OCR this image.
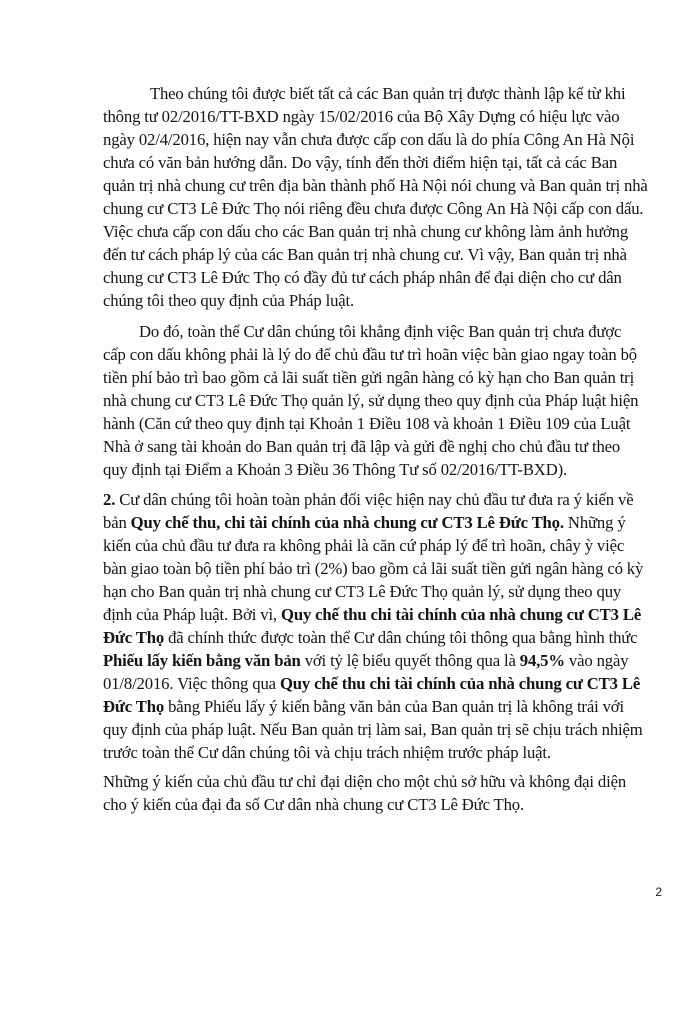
Theo chúng tôi được biết tất cả các Ban quản trị được thành lập kể từ khi
thông tư 02/2016/TT-BXD ngày 15/02/2016 của Bộ Xây Dựng có hiệu lực vào
ngày 02/4/2016, hiện nay vẫn chưa được cấp con dấu là do phía Công An Hà Nội
chưa có văn bản hướng dẫn. Do vậy, tính đến thời điểm hiện tại, tất cả các Ban
quản trị nhà chung cư trên địa bàn thành phố Hà Nội nói chung và Ban quản trị nhà
chung cư CT3 Lê Đức Thọ nói riêng đều chưa được Công An Hà Nội cấp con dấu.
Việc chưa cấp con dấu cho các Ban quản trị nhà chung cư không làm ảnh hưởng
đến tư cách pháp lý của các Ban quản trị nhà chung cư. Vì vậy, Ban quản trị nhà
chung cư CT3 Lê Đức Thọ có đầy đủ tư cách pháp nhân để đại diện cho cư dân
chúng tôi theo quy định của Pháp luật.
Do đó, toàn thể Cư dân chúng tôi khẳng định việc Ban quản trị chưa được
cấp con dấu không phải là lý do để chủ đầu tư trì hoãn việc bàn giao ngay toàn bộ
tiền phí bảo trì bao gồm cả lãi suất tiền gửi ngân hàng có kỳ hạn cho Ban quản trị
nhà chung cư CT3 Lê Đức Thọ quản lý, sử dụng theo quy định của Pháp luật hiện
hành (Căn cứ theo quy định tại Khoản 1 Điều 108 và khoản 1 Điều 109 của Luật
Nhà ở sang tài khoản do Ban quản trị đã lập và gửi đề nghị cho chủ đầu tư theo
quy định tại Điểm a Khoản 3 Điều 36 Thông Tư số 02/2016/TT-BXD).
2. Cư dân chúng tôi hoàn toàn phản đối việc hiện nay chủ đầu tư đưa ra ý kiến về
bản Quy chế thu, chi tài chính của nhà chung cư CT3 Lê Đức Thọ. Những ý
kiến của chủ đầu tư đưa ra không phải là căn cứ pháp lý để trì hoãn, chây ỳ việc
bàn giao toàn bộ tiền phí bảo trì (2%) bao gồm cả lãi suất tiền gửi ngân hàng có kỳ
hạn cho Ban quản trị nhà chung cư CT3 Lê Đức Thọ quản lý, sử dụng theo quy
định của Pháp luật. Bởi vì, Quy chế thu chi tài chính của nhà chung cư CT3 Lê
Đức Thọ đã chính thức được toàn thể Cư dân chúng tôi thông qua bằng hình thức
Phiếu lấy kiến bằng văn bản với tỷ lệ biểu quyết thông qua là 94,5% vào ngày
01/8/2016. Việc thông qua Quy chế thu chi tài chính của nhà chung cư CT3 Lê
Đức Thọ bằng Phiếu lấy ý kiến bằng văn bản của Ban quản trị là không trái với
quy định của pháp luật. Nếu Ban quản trị làm sai, Ban quản trị sẽ chịu trách nhiệm
trước toàn thể Cư dân chúng tôi và chịu trách nhiệm trước pháp luật.
Những ý kiến của chủ đầu tư chỉ đại diện cho một chủ sở hữu và không đại diện
cho ý kiến của đại đa số Cư dân nhà chung cư CT3 Lê Đức Thọ.
2
